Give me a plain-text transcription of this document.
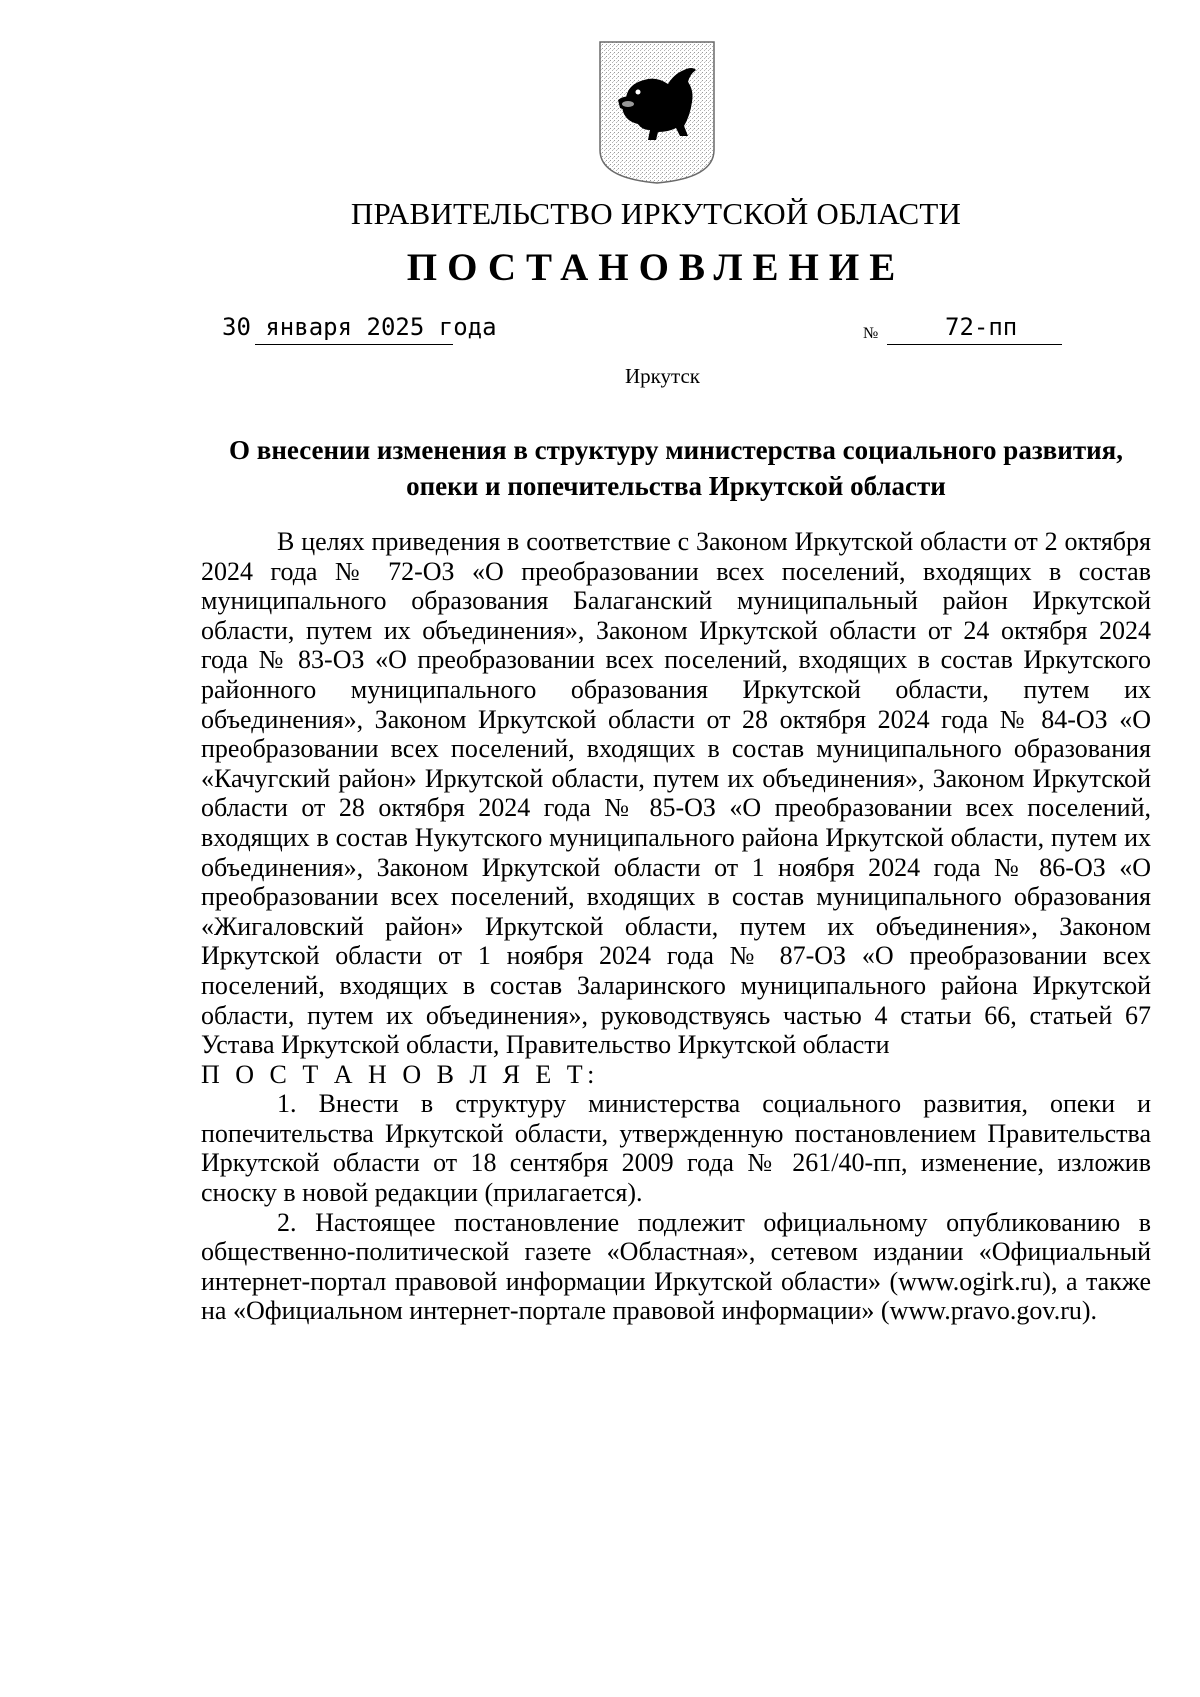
ПРАВИТЕЛЬСТВО ИРКУТСКОЙ ОБЛАСТИ
ПОСТАНОВЛЕНИЕ
30 января 2025 года	№	72-пп
Иркутск
О внесении изменения в структуру министерства социального развития,
опеки и попечительства Иркутской области

В целях приведения в соответствие с Законом Иркутской области от 2 октября 2024 года № 72-ОЗ «О преобразовании всех поселений, входящих в состав муниципального образования Балаганский муниципальный район Иркутской области, путем их объединения», Законом Иркутской области от 24 октября 2024 года № 83-ОЗ «О преобразовании всех поселений, входящих в состав Иркутского районного муниципального образования Иркутской области, путем их объединения», Законом Иркутской области от 28 октября 2024 года № 84-ОЗ «О преобразовании всех поселений, входящих в состав муниципального образования «Качугский район» Иркутской области, путем их объединения», Законом Иркутской области от 28 октября 2024 года № 85-ОЗ «О преобразовании всех поселений, входящих в состав Нукутского муниципального района Иркутской области, путем их объединения», Законом Иркутской области от 1 ноября 2024 года № 86-ОЗ «О преобразовании всех поселений, входящих в состав муниципального образования «Жигаловский район» Иркутской области, путем их объединения», Законом Иркутской области от 1 ноября 2024 года № 87-ОЗ «О преобразовании всех поселений, входящих в состав Заларинского муниципального района Иркутской области, путем их объединения», руководствуясь частью 4 статьи 66, статьей 67 Устава Иркутской области, Правительство Иркутской области

П О С Т А Н О В Л Я Е Т:

1. Внести в структуру министерства социального развития, опеки и попечительства Иркутской области, утвержденную постановлением Правительства Иркутской области от 18 сентября 2009 года № 261/40-пп, изменение, изложив сноску в новой редакции (прилагается).

2. Настоящее постановление подлежит официальному опубликованию в общественно-политической газете «Областная», сетевом издании «Официальный интернет-портал правовой информации Иркутской области» (www.ogirk.ru), а также на «Официальном интернет-портале правовой информации» (www.pravo.gov.ru).
